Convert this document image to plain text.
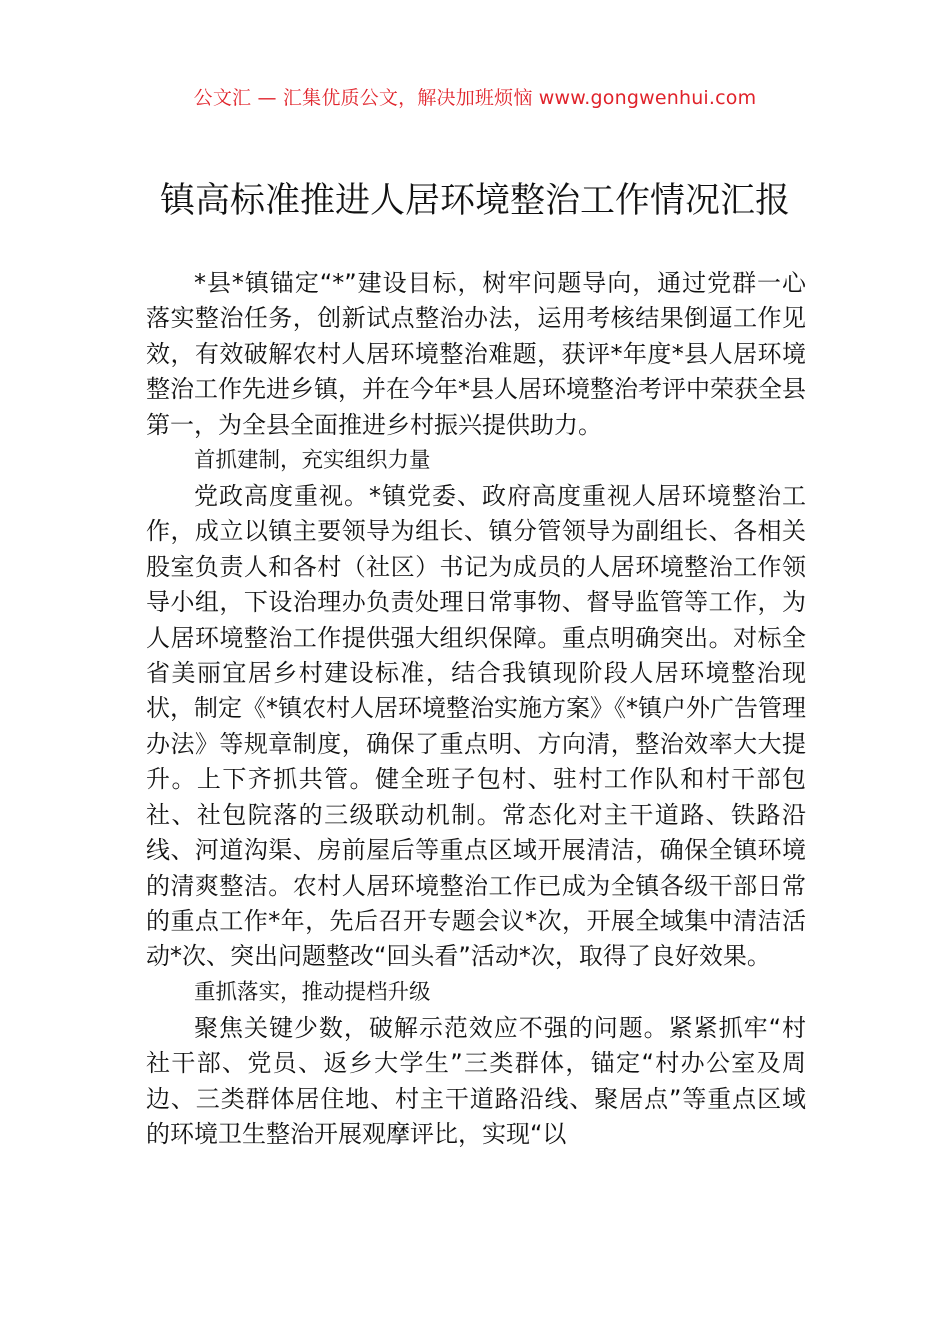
公文汇 — 汇集优质公文，解决加班烦恼 www.gongwenhui.com
镇高标准推进人居环境整治工作情况汇报

*县*镇锚定“*”建设目标，树牢问题导向，通过党群一心落实整治任务，创新试点整治办法，运用考核结果倒逼工作见效，有效破解农村人居环境整治难题，获评*年度*县人居环境整治工作先进乡镇，并在今年*县人居环境整治考评中荣获全县第一，为全县全面推进乡村振兴提供助力。

首抓建制，充实组织力量

党政高度重视。*镇党委、政府高度重视人居环境整治工作，成立以镇主要领导为组长、镇分管领导为副组长、各相关股室负责人和各村（社区）书记为成员的人居环境整治工作领导小组，下设治理办负责处理日常事物、督导监管等工作，为人居环境整治工作提供强大组织保障。重点明确突出。对标全省美丽宜居乡村建设标准，结合我镇现阶段人居环境整治现状，制定《*镇农村人居环境整治实施方案》《*镇户外广告管理办法》等规章制度，确保了重点明、方向清，整治效率大大提升。上下齐抓共管。健全班子包村、驻村工作队和村干部包社、社包院落的三级联动机制。常态化对主干道路、铁路沿线、河道沟渠、房前屋后等重点区域开展清洁，确保全镇环境的清爽整洁。农村人居环境整治工作已成为全镇各级干部日常的重点工作*年，先后召开专题会议*次，开展全域集中清洁活动*次、突出问题整改“回头看”活动*次，取得了良好效果。

重抓落实，推动提档升级

聚焦关键少数，破解示范效应不强的问题。紧紧抓牢“村社干部、党员、返乡大学生”三类群体，锚定“村办公室及周边、三类群体居住地、村主干道路沿线、聚居点”等重点区域的环境卫生整治开展观摩评比，实现“以
